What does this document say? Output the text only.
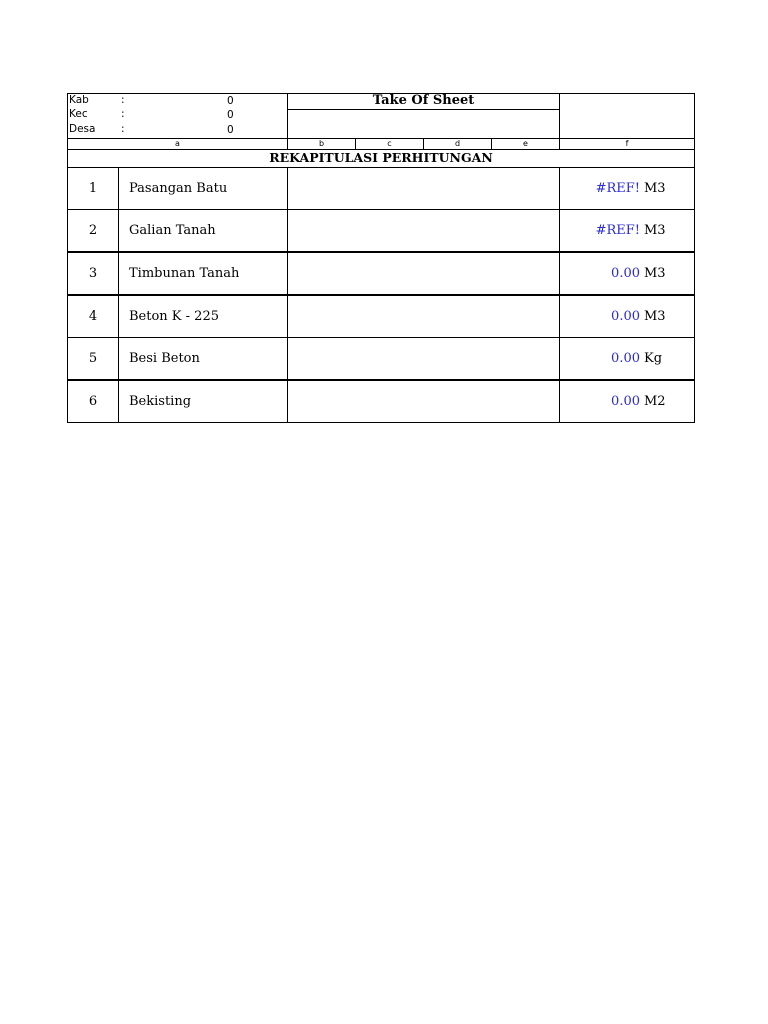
Kab	:	0
Kec	:	0
Desa :	0
Take Of Sheet
a	b	c	d	e	f
REKAPITULASI PERHITUNGAN
1	Pasangan Batu	#REF! M3
2	Galian Tanah	#REF! M3
3	Timbunan Tanah	0.00 M3
4	Beton K - 225	0.00 M3
5	Besi Beton	0.00 Kg
6	Bekisting	0.00 M2
